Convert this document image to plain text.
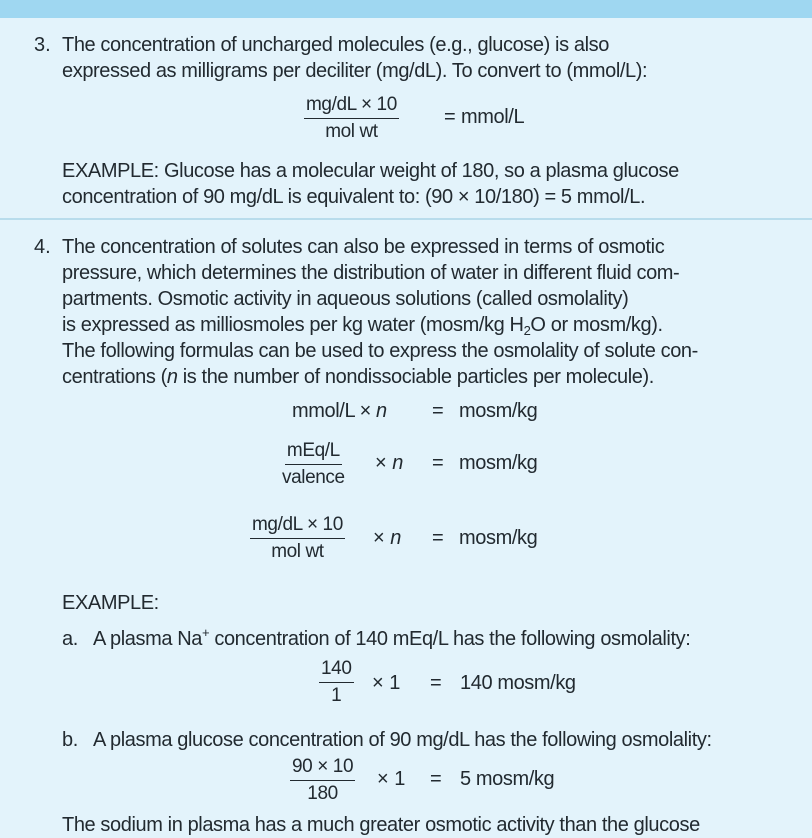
3. The concentration of uncharged molecules (e.g., glucose) is also
expressed as milligrams per deciliter (mg/dL). To convert to (mmol/L):
mg/dL × 10
mol wt
= mmol/L
EXAMPLE: Glucose has a molecular weight of 180, so a plasma glucose
concentration of 90 mg/dL is equivalent to: (90 × 10/180) = 5 mmol/L.
4. The concentration of solutes can also be expressed in terms of osmotic
pressure, which determines the distribution of water in different fluid com-
partments. Osmotic activity in aqueous solutions (called osmolality)
is expressed as milliosmoles per kg water (mosm/kg $H_2O$ or mosm/kg).
The following formulas can be used to express the osmolality of solute con-
centrations (n is the number of nondissociable particles per molecule).
mmol/L × n = mosm/kg
mEq/L
valence
× n = mosm/kg
mg/dL × 10
mol wt
× n = mosm/kg
EXAMPLE:
a. A plasma Na+ concentration of 140 mEq/L has the following osmolality:
$\frac{140}{1} \times 1 = 140$ mosm/kg
b. A plasma glucose concentration of 90 mg/dL has the following osmolality:
$\frac{90 \times 10}{180} \times 1 = 5$ mosm/kg
The sodium in plasma has a much greater osmotic activity than the glucose
